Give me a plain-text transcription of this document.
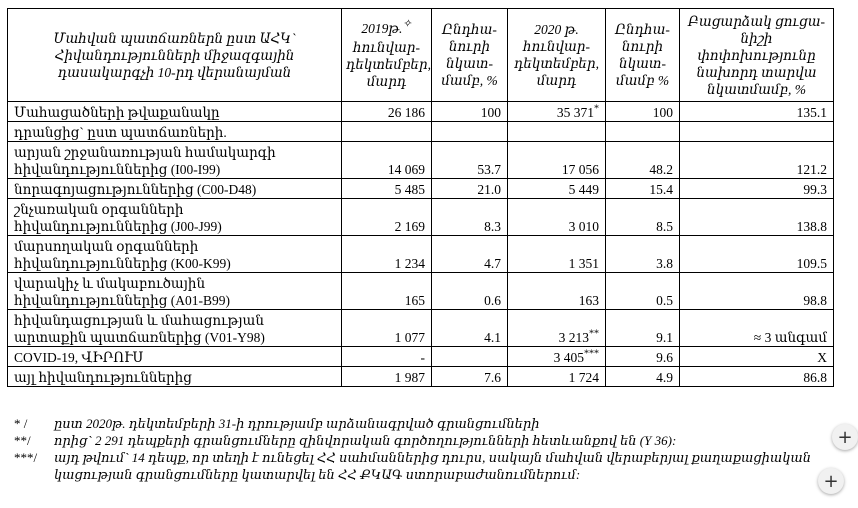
Մահվան պատճառներն ըստ ԱՀԿ`
Հիվանդությունների միջազգային
դասակարգչի 10-րդ վերանայման	2019թ.✧
հունվար-
դեկտեմբեր,
մարդ	Ընդհա-
նուրի
նկատ-
մամբ, %	2020 թ.
հունվար-
դեկտեմբեր,
մարդ	Ընդհա-
նուրի
նկատ-
մամբ %	Բացարձակ ցուցա-
նիշի փոփոխությունը
նախորդ տարվա
նկատմամբ, %

Մահացածների թվաքանակը	26 186	100	35 371*	100	135.1

դրանցից` ըստ պատճառների.					

արյան շրջանառության համակարգի
հիվանդություններից (I00-I99)	14 069	53.7	17 056	48.2	121.2

նորագոյացություններից (C00-D48)	5 485	21.0	5 449	15.4	99.3

շնչառական օրգանների
հիվանդություններից (J00-J99)	2 169	8.3	3 010	8.5	138.8

մարսողական օրգանների
հիվանդություններից (K00-K99)	1 234	4.7	1 351	3.8	109.5

վարակիչ և մակաբուծային
հիվանդություններից (A01-B99)	165	0.6	163	0.5	98.8

հիվանդացության և մահացության
արտաքին պատճառներից (V01-Y98)	1 077	4.1	3 213**	9.1	≈ 3 անգամ

COVID-19, ՎԻՐՈՒՍ	-		3 405***	9.6	X

այլ հիվանդություններից	1 987	7.6	1 724	4.9	86.8
* /	ըստ 2020թ. դեկտեմբերի 31-ի դրությամբ արձանագրված գրանցումների
**/	որից` 2 291 դեպքերի գրանցումները զինվորական գործողությունների հետևանքով են (Y 36):
***/	այդ թվում` 14 դեպք, որ տեղի է ունեցել ՀՀ սահմաններից դուրս, սակայն մահվան վերաբերյալ քաղաքացիական կացության գրանցումները կատարվել են ՀՀ ՔԿԱԳ ստորաբաժանումներում:
+
+
